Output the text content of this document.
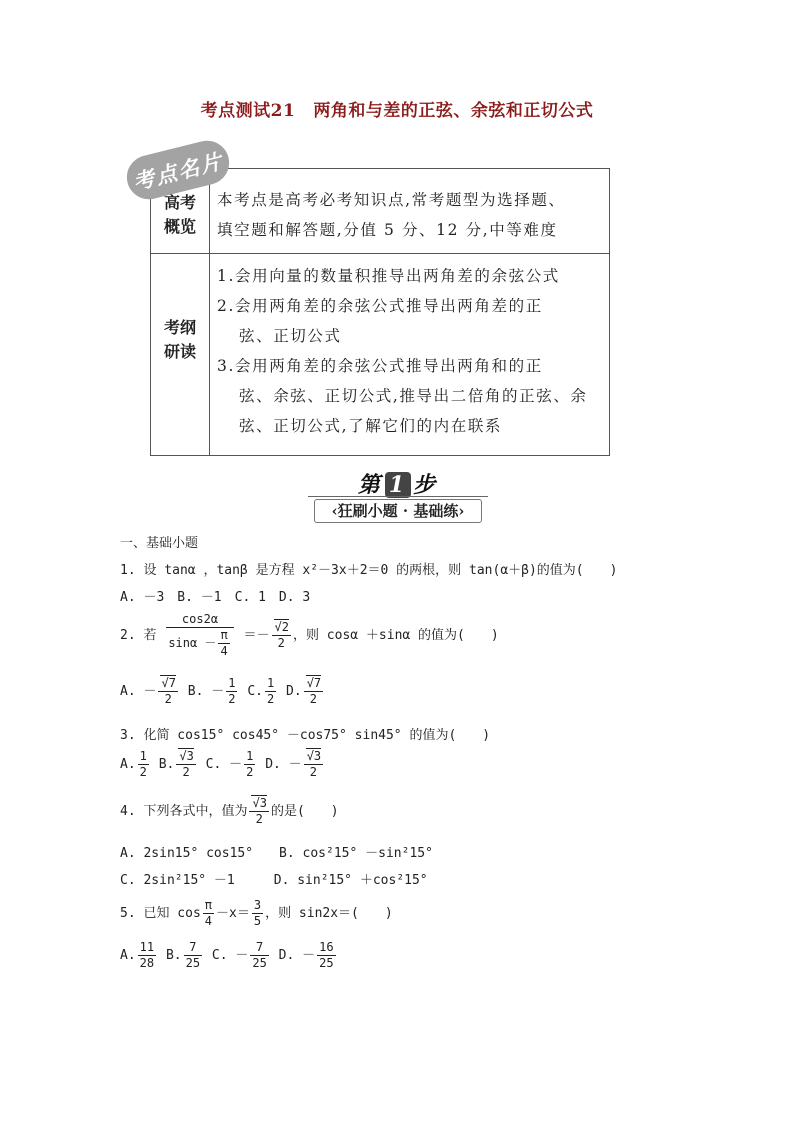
考点测试21 两角和与差的正弦、余弦和正切公式
高考
概览

本考点是高考必考知识点,常考题型为选择题、

填空题和解答题,分值 5 分、12 分,中等难度

考纲
研读

1.会用向量的数量积推导出两角差的余弦公式

2.会用两角差的余弦公式推导出两角差的正

弦、正切公式

3.会用两角差的余弦公式推导出两角和的正

弦、余弦、正切公式,推导出二倍角的正弦、余

弦、正切公式,了解它们的内在联系

考点名片
第 1 步
‹狂刷小题 · 基础练›
一、基础小题
1. 设 tanα ，tanβ 是方程 x²－3x＋2＝0 的两根，则 tan(α＋β)的值为(　　)
A. －3　B. －1　C. 1　D. 3
2. 若 $\frac{\cos 2\alpha}{\sin\alpha - \frac{\pi}{4}} =- \frac{√2}{2}$ ，则 cosα ＋sinα 的值为(　　)
A. － $\frac{√7}{2} B$. － $\frac{1}{2} C$. $\frac{1}{2} D$. $\frac{√7}{2}$
3. 化简 cos15° cos45° －cos75° sin45° 的值为(　　)
A. $\frac{1}{2} B$. $\frac{√3}{2} C$. － $\frac{1}{2} D$. － $\frac{√3}{2}$
4. 下列各式中，值为 $\frac{√3}{2}$ 的是(　　)
A. 2sin15° cos15°　　B. cos²15° －sin²15°
C. 2sin²15° －1　　　D. sin²15° ＋cos²15°
5. 已知 $\cos \frac{\pi}{4} -x= \frac{3}{5}$ ，则 sin2x＝(　　)
A. $\frac{11}{28} B$. $\frac{7}{25} C$. － $\frac{7}{25} D$. － $\frac{16}{25}$
